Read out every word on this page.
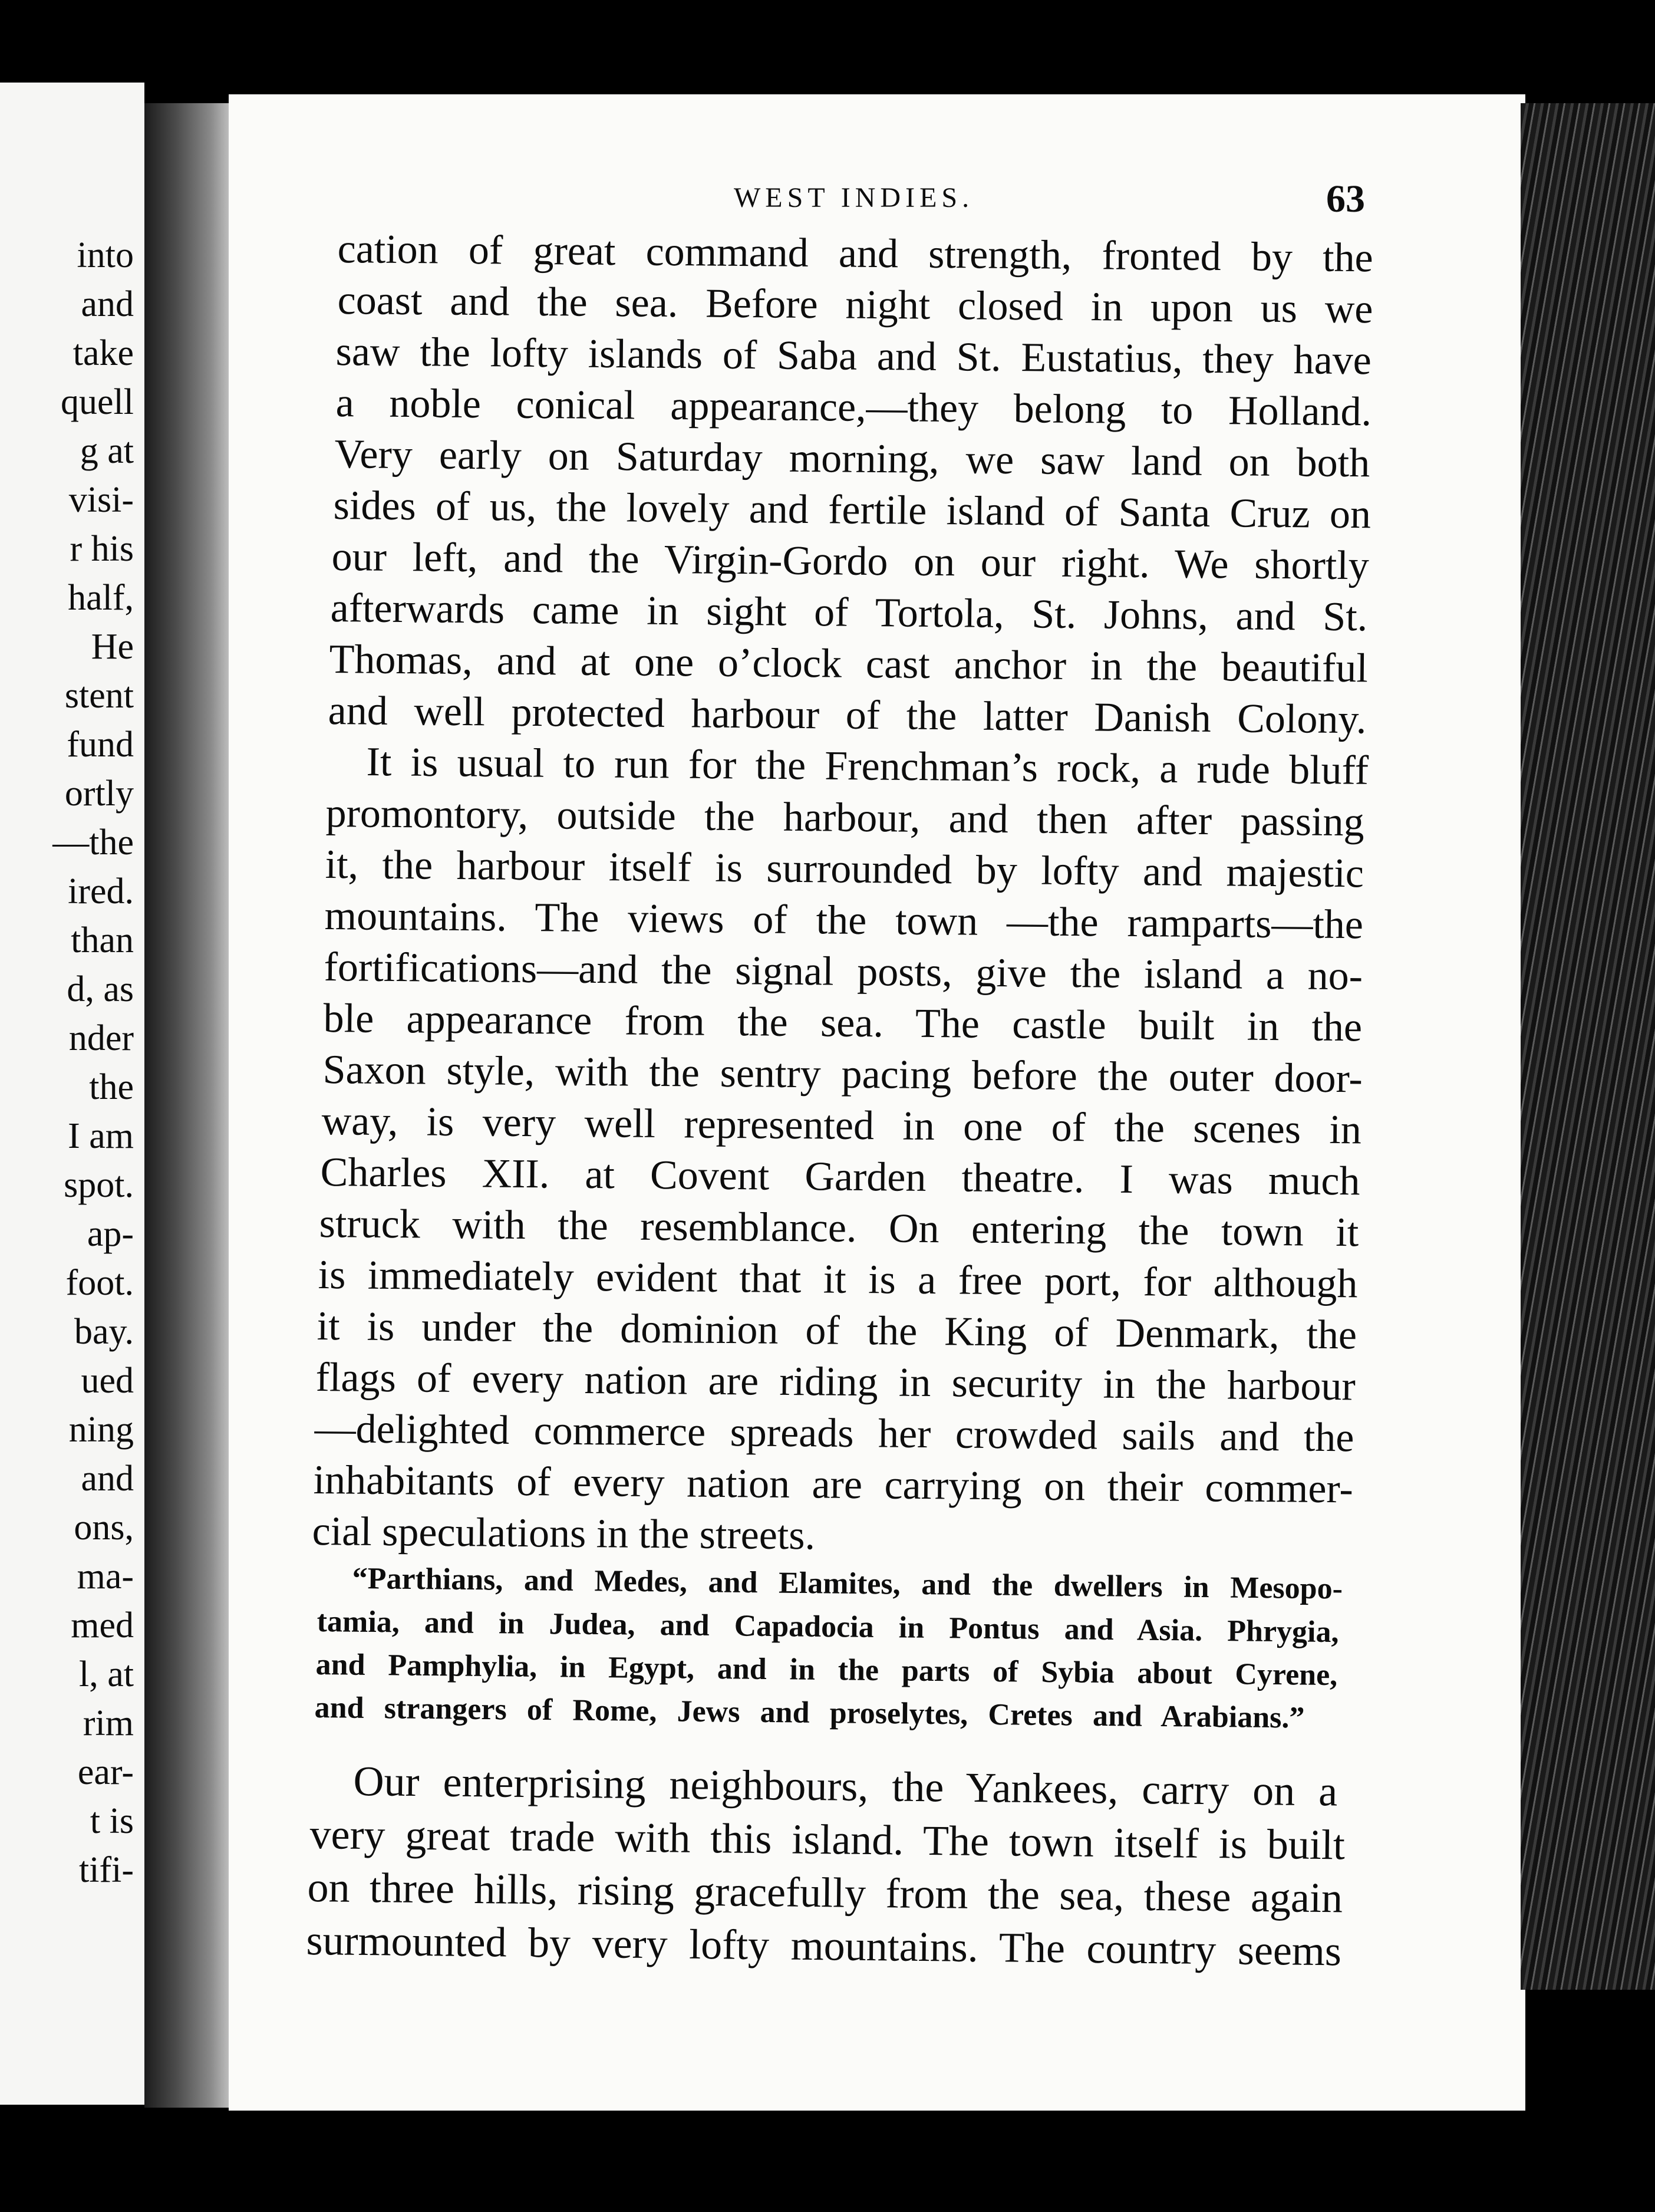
into
and
take
quell
g at
visi-
r his
half,
He
stent
fund
ortly
—the
ired.
than
d, as
nder
the
I am
spot.
ap-
foot.
bay.
ued
ning
and
ons,
ma-
med
l, at
rim
ear-
t is
tifi-
WEST INDIES.	63
cation of great command and strength, fronted by the
coast and the sea. Before night closed in upon us we
saw the lofty islands of Saba and St. Eustatius, they have
a noble conical appearance,—they belong to Holland.
Very early on Saturday morning, we saw land on both
sides of us, the lovely and fertile island of Santa Cruz on
our left, and the Virgin-Gordo on our right. We shortly
afterwards came in sight of Tortola, St. Johns, and St.
Thomas, and at one o’clock cast anchor in the beautiful
and well protected harbour of the latter Danish Colony.
It is usual to run for the Frenchman’s rock, a rude bluff
promontory, outside the harbour, and then after passing
it, the harbour itself is surrounded by lofty and majestic
mountains. The views of the town —the ramparts—the
fortifications—and the signal posts, give the island a no-
ble appearance from the sea. The castle built in the
Saxon style, with the sentry pacing before the outer door-
way, is very well represented in one of the scenes in
Charles XII. at Covent Garden theatre. I was much
struck with the resemblance. On entering the town it
is immediately evident that it is a free port, for although
it is under the dominion of the King of Denmark, the
flags of every nation are riding in security in the harbour
—delighted commerce spreads her crowded sails and the
inhabitants of every nation are carrying on their commer-
cial speculations in the streets.
“Parthians, and Medes, and Elamites, and the dwellers in Mesopo-
tamia, and in Judea, and Capadocia in Pontus and Asia. Phrygia,
and Pamphylia, in Egypt, and in the parts of Sybia about Cyrene,
and strangers of Rome, Jews and proselytes, Cretes and Arabians.”
Our enterprising neighbours, the Yankees, carry on a
very great trade with this island. The town itself is built
on three hills, rising gracefully from the sea, these again
surmounted by very lofty mountains. The country seems
